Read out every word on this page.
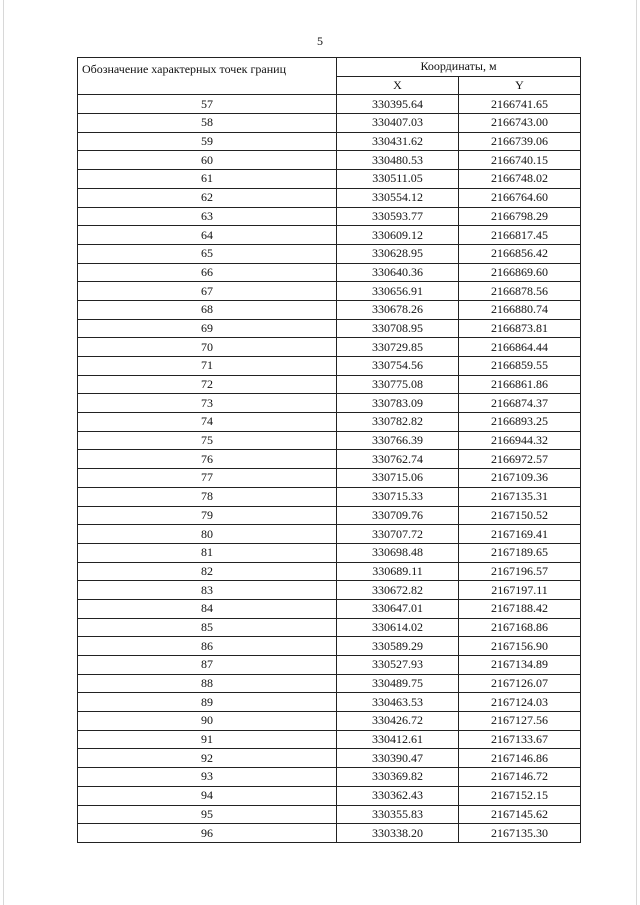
5
Обозначение характерных точек границ	Координаты, м	
	X	Y
57	330395.64	2166741.65
58	330407.03	2166743.00
59	330431.62	2166739.06
60	330480.53	2166740.15
61	330511.05	2166748.02
62	330554.12	2166764.60
63	330593.77	2166798.29
64	330609.12	2166817.45
65	330628.95	2166856.42
66	330640.36	2166869.60
67	330656.91	2166878.56
68	330678.26	2166880.74
69	330708.95	2166873.81
70	330729.85	2166864.44
71	330754.56	2166859.55
72	330775.08	2166861.86
73	330783.09	2166874.37
74	330782.82	2166893.25
75	330766.39	2166944.32
76	330762.74	2166972.57
77	330715.06	2167109.36
78	330715.33	2167135.31
79	330709.76	2167150.52
80	330707.72	2167169.41
81	330698.48	2167189.65
82	330689.11	2167196.57
83	330672.82	2167197.11
84	330647.01	2167188.42
85	330614.02	2167168.86
86	330589.29	2167156.90
87	330527.93	2167134.89
88	330489.75	2167126.07
89	330463.53	2167124.03
90	330426.72	2167127.56
91	330412.61	2167133.67
92	330390.47	2167146.86
93	330369.82	2167146.72
94	330362.43	2167152.15
95	330355.83	2167145.62
96	330338.20	2167135.30
